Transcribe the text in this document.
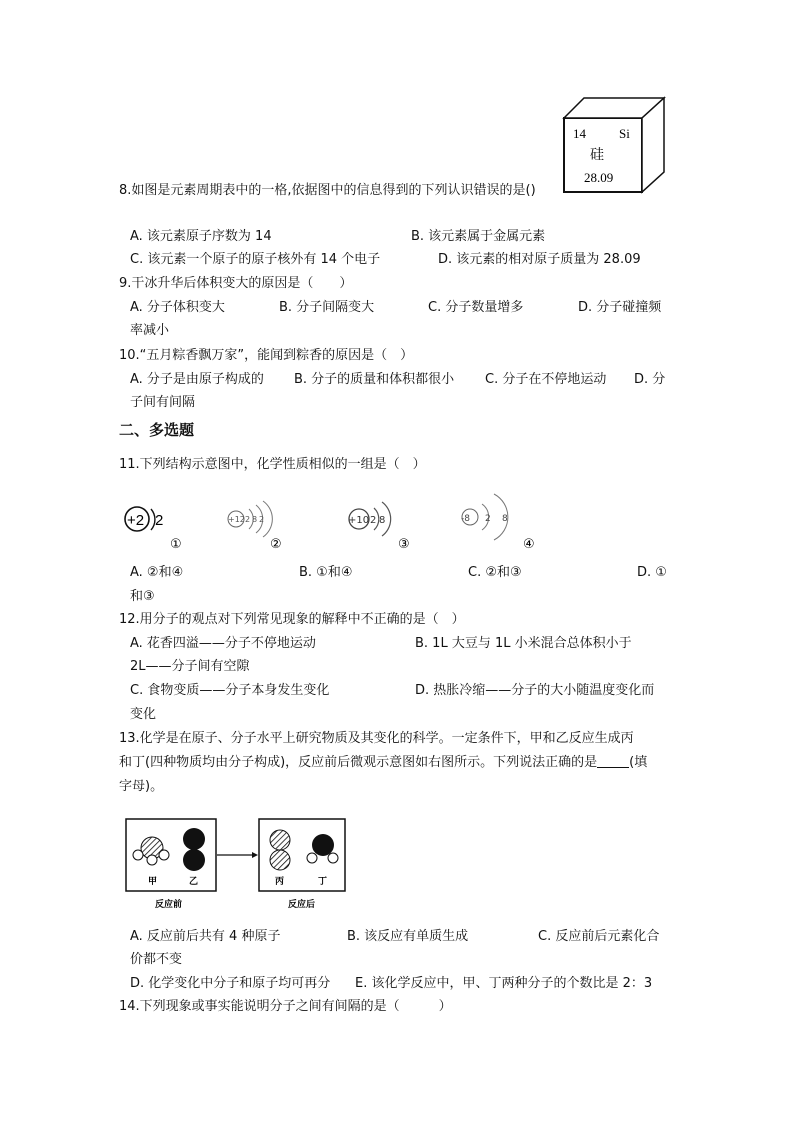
14	Si
硅
28.09
8.如图是元素周期表中的一格,依据图中的信息得到的下列认识错误的是()
A. 该元素原子序数为 14	B. 该元素属于金属元素
C. 该元素一个原子的原子核外有 14 个电子	D. 该元素的相对原子质量为 28.09
9.干冰升华后体积变大的原因是（　　）
A. 分子体积变大	B. 分子间隔变大	C. 分子数量增多	D. 分子碰撞频
率减小
10.“五月粽香飘万家”，能闻到粽香的原因是（　）
A. 分子是由原子构成的 B. 分子的质量和体积都很小 C. 分子在不停地运动 D. 分
子间有间隔
二、多选题
11.下列结构示意图中，化学性质相似的一组是（　）
+2 2
①
+12 2 8 2
②
+10 2 8
③
-8 2 8
④
A. ②和④	B. ①和④	C. ②和③	D. ①
和③
12.用分子的观点对下列常见现象的解释中不正确的是（　）
A. 花香四溢——分子不停地运动	B. 1L 大豆与 1L 小米混合总体积小于
2L——分子间有空隙
C. 食物变质——分子本身发生变化	D. 热胀冷缩——分子的大小随温度变化而
变化
13.化学是在原子、分子水平上研究物质及其变化的科学。一定条件下，甲和乙反应生成丙
和丁(四种物质均由分子构成)，反应前后微观示意图如右图所示。下列说法正确的是 (填
字母)。
甲	乙	丙	丁
反应前	反应后
A. 反应前后共有 4 种原子	B. 该反应有单质生成	C. 反应前后元素化合
价都不变
D. 化学变化中分子和原子均可再分 E. 该化学反应中，甲、丁两种分子的个数比是 2：3
14.下列现象或事实能说明分子之间有间隔的是（　　　）
